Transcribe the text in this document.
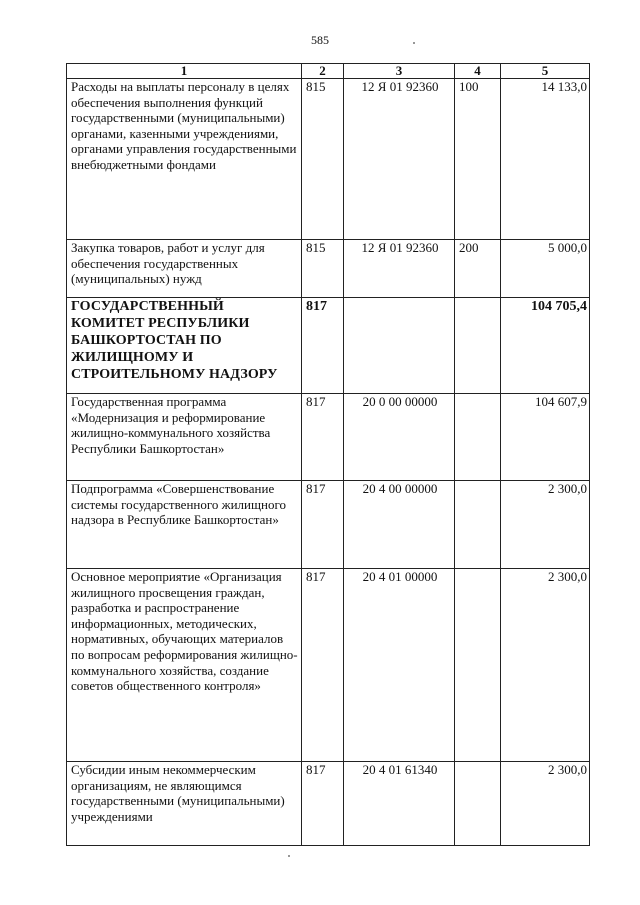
585
1	2	3	4	5
Расходы на выплаты персоналу в целях обеспечения выполнения функций государственными (муниципальными) органами, казенными учреждениями, органами управления государственными внебюджетными фондами	815	12 Я 01 92360	100	14 133,0
Закупка товаров, работ и услуг для обеспечения государственных (муниципальных) нужд	815	12 Я 01 92360	200	5 000,0
ГОСУДАРСТВЕННЫЙ КОМИТЕТ РЕСПУБЛИКИ БАШКОРТОСТАН ПО ЖИЛИЩНОМУ И СТРОИТЕЛЬНОМУ НАДЗОРУ	817			104 705,4
Государственная программа «Модернизация и реформирование жилищно-коммунального хозяйства Республики Башкортостан»	817	20 0 00 00000		104 607,9
Подпрограмма «Совершенствование системы государственного жилищного надзора в Республике Башкортостан»	817	20 4 00 00000		2 300,0
Основное мероприятие «Организация жилищного просвещения граждан, разработка и распространение информационных, методических, нормативных, обучающих материалов по вопросам реформирования жилищно-коммунального хозяйства, создание советов общественного контроля»	817	20 4 01 00000		2 300,0
Субсидии иным некоммерческим организациям, не являющимся государственными (муниципальными) учреждениями	817	20 4 01 61340		2 300,0
